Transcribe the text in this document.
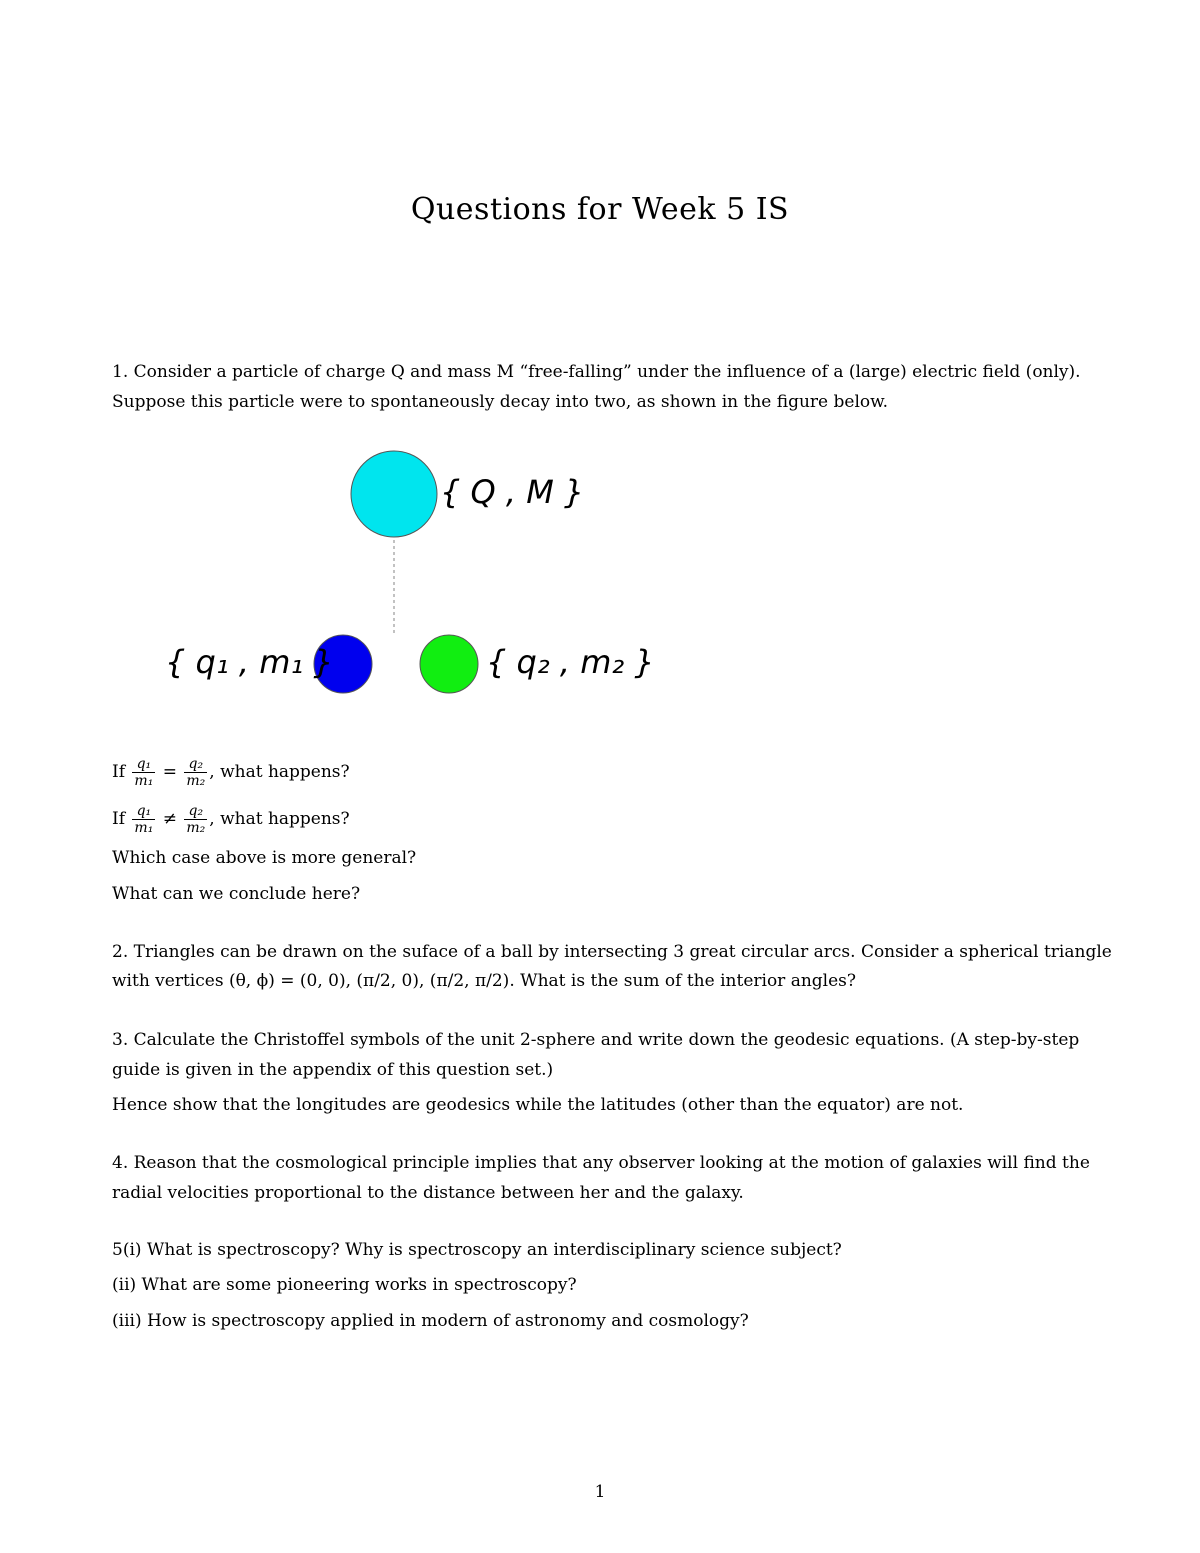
Questions for Week 5 IS
1. Consider a particle of charge Q and mass M “free-falling” under the influence of a (large) electric field (only).
Suppose this particle were to spontaneously decay into two, as shown in the figure below.
{ Q , M }
{ q₁ , m₁ }	{ q₂ , m₂ }
If $\frac{\text{q₁}}{\text{m₁}} = \frac{\text{q₂}}{\text{m₂}}$ , what happens?
If $\frac{\text{q₁}}{\text{m₁}} \ne \frac{\text{q₂}}{\text{m₂}}$ , what happens?
Which case above is more general?
What can we conclude here?
2. Triangles can be drawn on the suface of a ball by intersecting 3 great circular arcs. Consider a spherical triangle
with vertices (θ, ϕ) = (0, 0), (π/2, 0), (π/2, π/2). What is the sum of the interior angles?
3. Calculate the Christoffel symbols of the unit 2-sphere and write down the geodesic equations. (A step-by-step
guide is given in the appendix of this question set.)
Hence show that the longitudes are geodesics while the latitudes (other than the equator) are not.
4. Reason that the cosmological principle implies that any observer looking at the motion of galaxies will find the
radial velocities proportional to the distance between her and the galaxy.
5(i) What is spectroscopy? Why is spectroscopy an interdisciplinary science subject?
(ii) What are some pioneering works in spectroscopy?
(iii) How is spectroscopy applied in modern of astronomy and cosmology?
1
